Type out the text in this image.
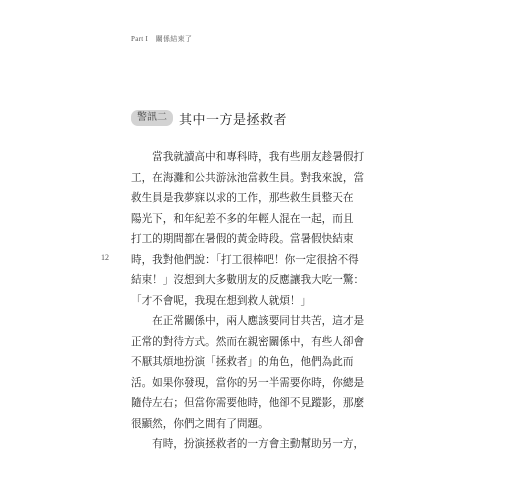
Part I 關係結束了
警訊二 其中一方是拯救者
12
　　當我就讀高中和專科時，我有些朋友趁暑假打
工，在海灘和公共游泳池當救生員。對我來說，當
救生員是我夢寐以求的工作，那些救生員整天在
陽光下，和年紀差不多的年輕人混在一起，而且
打工的期間都在暑假的黃金時段。當暑假快結束
時，我對他們說：「打工很棒吧！你一定很捨不得
結束！」沒想到大多數朋友的反應讓我大吃一驚：
「才不會呢，我現在想到救人就煩！」
　　在正常關係中，兩人應該要同甘共苦，這才是
正常的對待方式。然而在親密關係中，有些人卻會
不厭其煩地扮演「拯救者」的角色，他們為此而
活。如果你發現，當你的另一半需要你時，你總是
隨侍左右；但當你需要他時，他卻不見蹤影，那麼
很顯然，你們之間有了問題。
　　有時，扮演拯救者的一方會主動幫助另一方，
